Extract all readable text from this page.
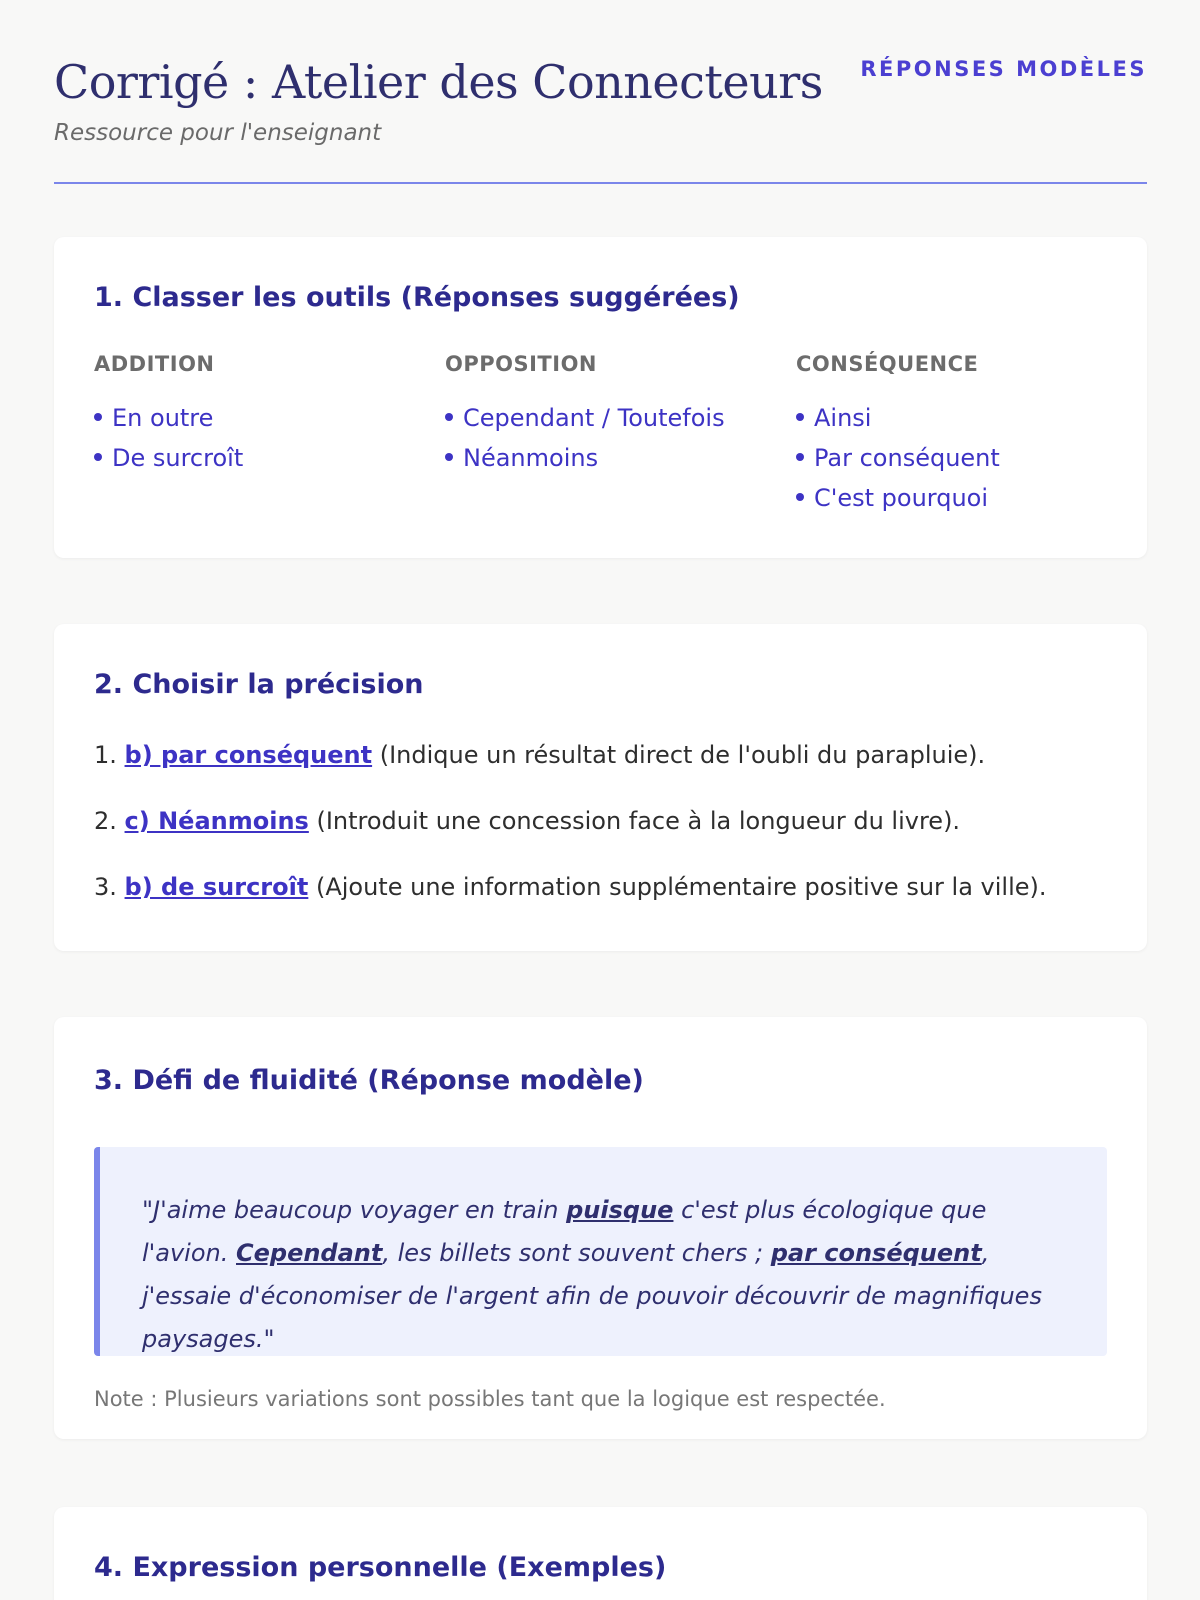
Corrigé : Atelier des Connecteurs
Ressource pour l'enseignant
RÉPONSES MODÈLES
1. Classer les outils (Réponses suggérées)
ADDITION
En outre
De surcroît
OPPOSITION
Cependant / Toutefois
Néanmoins
CONSÉQUENCE
Ainsi
Par conséquent
C'est pourquoi
2. Choisir la précision
1. b) par conséquent (Indique un résultat direct de l'oubli du parapluie).
2. c) Néanmoins (Introduit une concession face à la longueur du livre).
3. b) de surcroît (Ajoute une information supplémentaire positive sur la ville).
3. Défi de fluidité (Réponse modèle)
"J'aime beaucoup voyager en train puisque c'est plus écologique que l'avion. Cependant, les billets sont souvent chers ; par conséquent, j'essaie d'économiser de l'argent afin de pouvoir découvrir de magnifiques paysages."
Note : Plusieurs variations sont possibles tant que la logique est respectée.
4. Expression personnelle (Exemples)
